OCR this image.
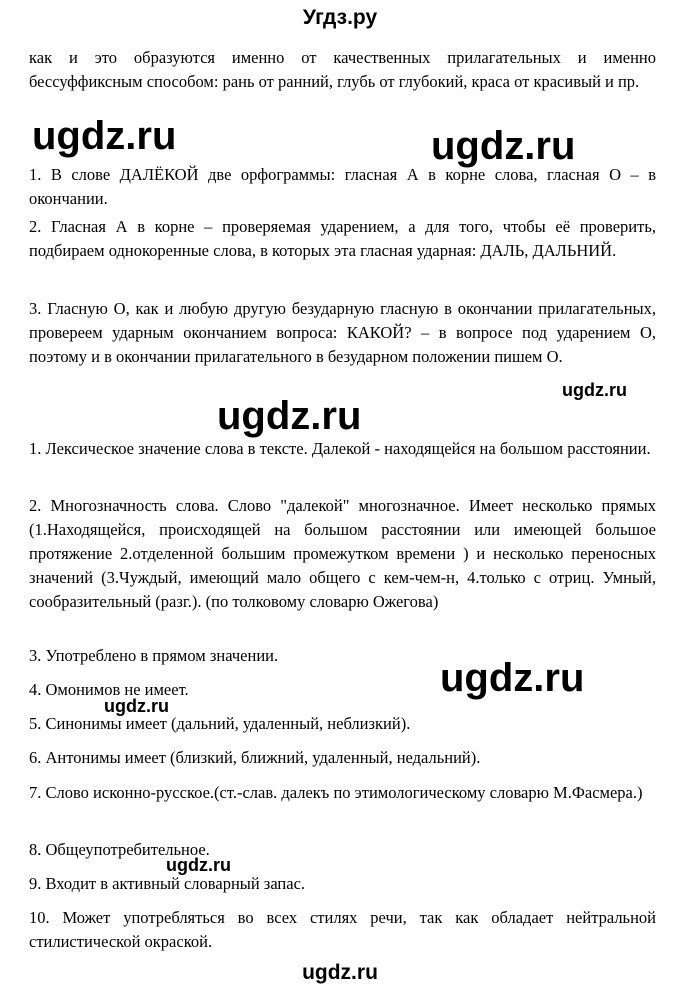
Угдз.ру

как и это образуются именно от качественных прилагательных и именно бессуффиксным способом: рань от ранний, глубь от глубокий, краса от красивый и пр.

ugdz.ru	ugdz.ru

1. В слове ДАЛЁКОЙ две орфограммы: гласная А в корне слова, гласная О – в окончании.

2. Гласная А в корне – проверяемая ударением, а для того, чтобы её проверить, подбираем однокоренные слова, в которых эта гласная ударная: ДАЛЬ, ДАЛЬНИЙ.

3. Гласную О, как и любую другую безударную гласную в окончании прилагательных, провереем ударным окончанием вопроса: КАКОЙ? – в вопросе под ударением О, поэтому и в окончании прилагательного в безударном положении пишем О.

ugdz.ru
ugdz.ru

1. Лексическое значение слова в тексте. Далекой - находящейся на большом расстоянии.

2. Многозначность слова. Слово "далекой" многозначное. Имеет несколько прямых (1.Находящейся, происходящей на большом расстоянии или имеющей большое протяжение 2.отделенной большим промежутком времени ) и несколько переносных значений (3.Чуждый, имеющий мало общего с кем-чем-н, 4.только с отриц. Умный, сообразительный (разг.). (по толковому словарю Ожегова)

3. Употреблено в прямом значении.

ugdz.ru

4. Омонимов не имеет.

ugdz.ru

5. Синонимы имеет (дальний, удаленный, неблизкий).

6. Антонимы имеет (близкий, ближний, удаленный, недальний).

7. Слово исконно-русское.(ст.-слав. далекъ по этимологическому словарю М.Фасмера.)

8. Общеупотребительное.

ugdz.ru

9. Входит в активный словарный запас.

10. Может употребляться во всех стилях речи, так как обладает нейтральной стилистической окраской.

ugdz.ru
